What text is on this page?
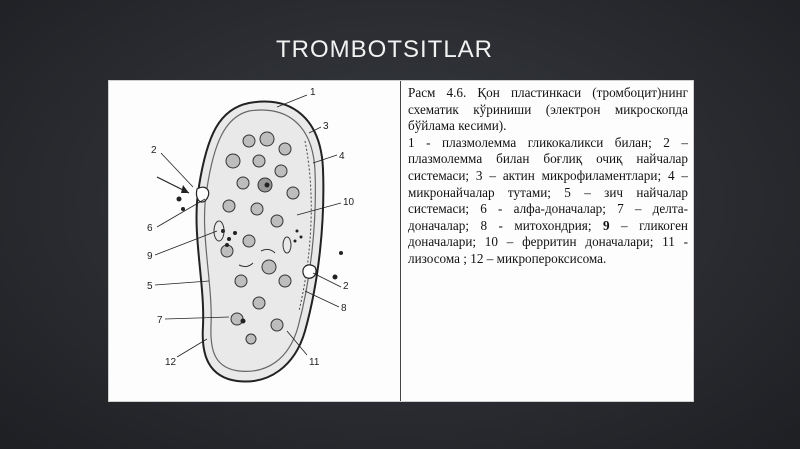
TROMBOTSITLAR
1
3
4
10
2
6
9
5
7
12	11
8
2

Расм 4.6. Қон пластинкаси (тромбоцит)нинг схематик кўриниши (электрон микроскопда бўйлама кесими).

1 - плазмолемма гликокаликси билан; 2 – плазмолемма билан боғлиқ очиқ найчалар системаси; 3 – актин микрофиламентлари; 4 – микронайчалар тутами; 5 – зич найчалар системаси; 6 - алфа-доначалар; 7 – делта-доначалар; 8 - митохондрия; 9 – гликоген доначалари; 10 – ферритин доначалари; 11 - лизосома ; 12 – микропероксисома.
